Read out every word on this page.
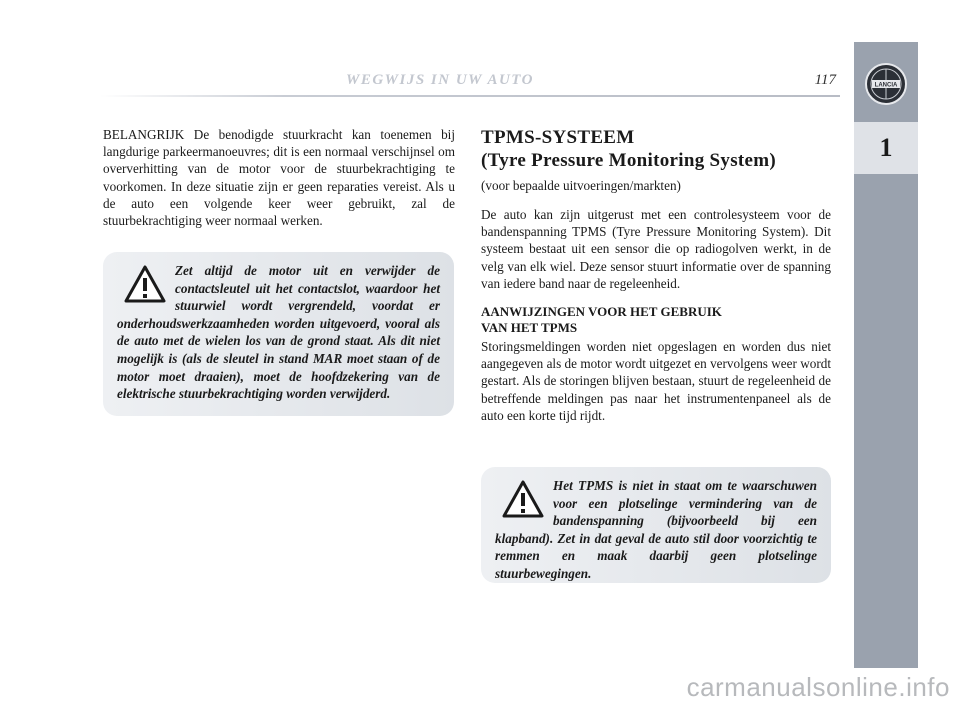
WEGWIJS IN UW AUTO	117	LANCIA
1

BELANGRIJK De benodigde stuurkracht kan toenemen bij langdurige parkeermanoeuvres; dit is een normaal verschijnsel om oververhitting van de motor voor de stuurbekrachtiging te voorkomen. In deze situatie zijn er geen reparaties vereist. Als u de auto een volgende keer weer gebruikt, zal de stuurbekrachtiging weer normaal werken.

Zet altijd de motor uit en verwijder de contactsleutel uit het contactslot, waardoor het stuurwiel wordt vergrendeld, voordat er onderhoudswerkzaamheden worden uitgevoerd, vooral als de auto met de wielen los van de grond staat. Als dit niet mogelijk is (als de sleutel in stand MAR moet staan of de motor moet draaien), moet de hoofdzekering van de elektrische stuurbekrachtiging worden verwijderd.

TPMS-SYSTEEM
(Tyre Pressure Monitoring System)

(voor bepaalde uitvoeringen/markten)

De auto kan zijn uitgerust met een controlesysteem voor de bandenspanning TPMS (Tyre Pressure Monitoring System). Dit systeem bestaat uit een sensor die op radiogolven werkt, in de velg van elk wiel. Deze sensor stuurt informatie over de spanning van iedere band naar de regeleenheid.

AANWIJZINGEN VOOR HET GEBRUIK
VAN HET TPMS

Storingsmeldingen worden niet opgeslagen en worden dus niet aangegeven als de motor wordt uitgezet en vervolgens weer wordt gestart. Als de storingen blijven bestaan, stuurt de regeleenheid de betreffende meldingen pas naar het instrumentenpaneel als de auto een korte tijd rijdt.

Het TPMS is niet in staat om te waarschuwen voor een plotselinge vermindering van de bandenspanning (bijvoorbeeld bij een klapband). Zet in dat geval de auto stil door voorzichtig te remmen en maak daarbij geen plotselinge stuurbewegingen.

carmanualsonline.info
